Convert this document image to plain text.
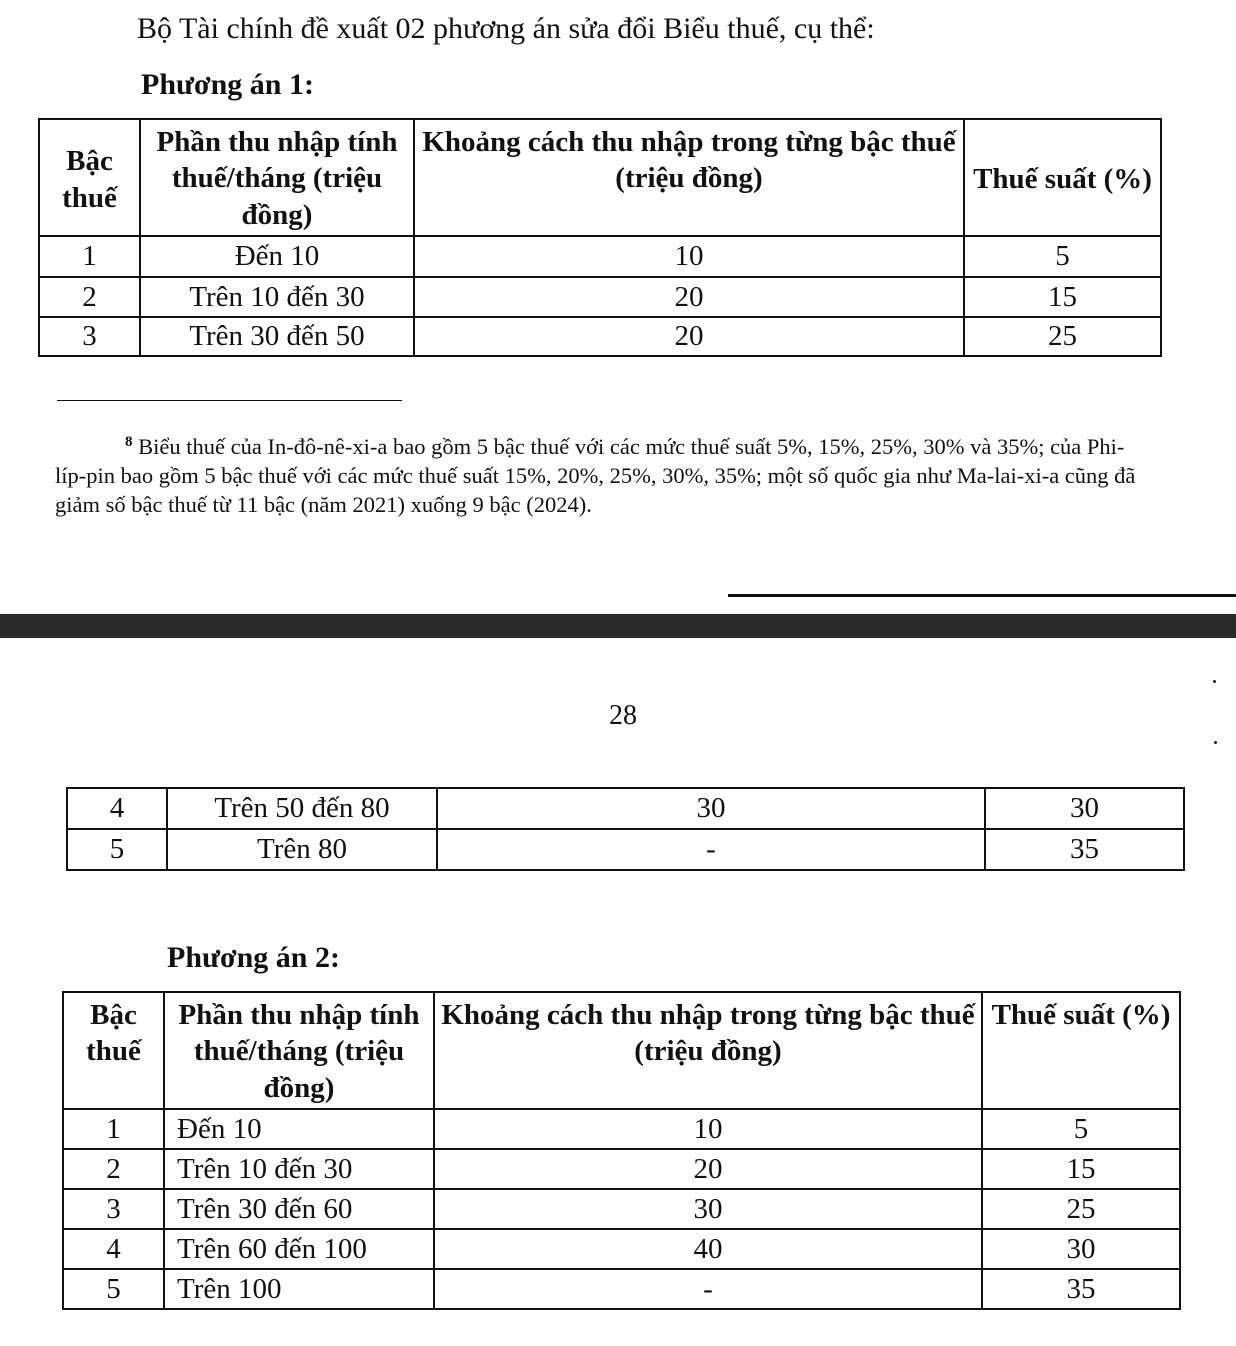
Bộ Tài chính đề xuất 02 phương án sửa đổi Biểu thuế, cụ thể:
Phương án 1:
Bậc thuế	Phần thu nhập tính thuế/tháng (triệu đồng)	Khoảng cách thu nhập trong từng bậc thuế (triệu đồng)	Thuế suất (%)
1	Đến 10	10	5
2	Trên 10 đến 30	20	15
3	Trên 30 đến 50	20	25
$^8$ Biểu thuế của In-đô-nê-xi-a bao gồm 5 bậc thuế với các mức thuế suất 5%, 15%, 25%, 30% và 35%; của Phi-líp-pin bao gồm 5 bậc thuế với các mức thuế suất 15%, 20%, 25%, 30%, 35%; một số quốc gia như Ma-lai-xi-a cũng đã giảm số bậc thuế từ 11 bậc (năm 2021) xuống 9 bậc (2024).
28
4	Trên 50 đến 80	30	30
5	Trên 80	-	35
Phương án 2:
Bậc thuế	Phần thu nhập tính thuế/tháng (triệu đồng)	Khoảng cách thu nhập trong từng bậc thuế (triệu đồng)	Thuế suất (%)
1	Đến 10	10	5
2	Trên 10 đến 30	20	15
3	Trên 30 đến 60	30	25
4	Trên 60 đến 100	40	30
5	Trên 100	-	35
